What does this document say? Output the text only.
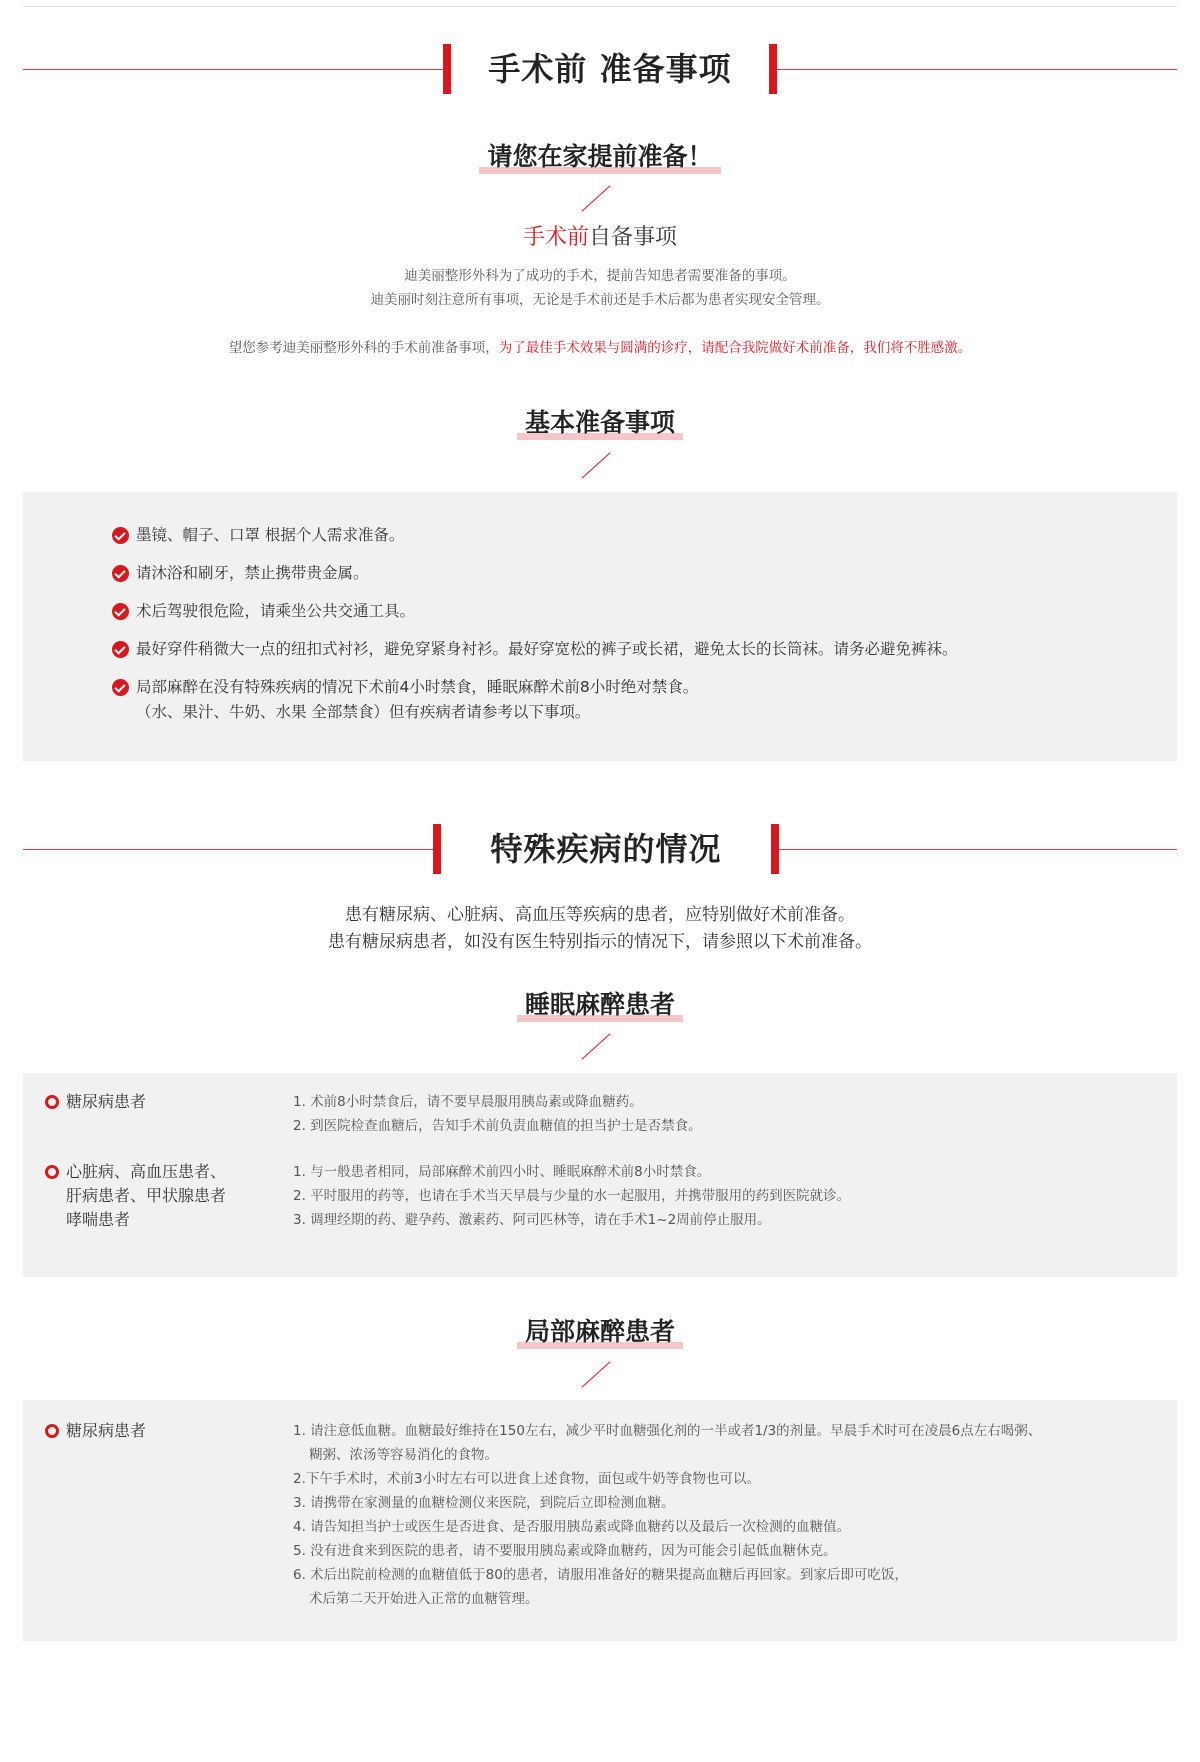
手术前 准备事项
请您在家提前准备！
手术前自备事项
迪美丽整形外科为了成功的手术，提前告知患者需要准备的事项。
迪美丽时刻注意所有事项，无论是手术前还是手术后都为患者实现安全管理。
望您参考迪美丽整形外科的手术前准备事项，为了最佳手术效果与圆满的诊疗，请配合我院做好术前准备，我们将不胜感激。
基本准备事项
墨镜、帽子、口罩 根据个人需求准备。
请沐浴和刷牙，禁止携带贵金属。
术后驾驶很危险，请乘坐公共交通工具。
最好穿件稍微大一点的纽扣式衬衫，避免穿紧身衬衫。最好穿宽松的裤子或长裙，避免太长的长筒袜。请务必避免裤袜。
局部麻醉在没有特殊疾病的情况下术前4小时禁食，睡眠麻醉术前8小时绝对禁食。
（水、果汁、牛奶、水果 全部禁食）但有疾病者请参考以下事项。
特殊疾病的情况
患有糖尿病、心脏病、高血压等疾病的患者，应特别做好术前准备。
患有糖尿病患者，如没有医生特别指示的情况下，请参照以下术前准备。
睡眠麻醉患者
糖尿病患者	1. 术前8小时禁食后，请不要早晨服用胰岛素或降血糖药。
2. 到医院检查血糖后，告知手术前负责血糖值的担当护士是否禁食。
心脏病、高血压患者、
肝病患者、甲状腺患者
哮喘患者
1. 与一般患者相同，局部麻醉术前四小时、睡眠麻醉术前8小时禁食。
2. 平时服用的药等，也请在手术当天早晨与少量的水一起服用，并携带服用的药到医院就诊。
3. 调理经期的药、避孕药、激素药、阿司匹林等，请在手术1~2周前停止服用。
局部麻醉患者
糖尿病患者	1. 请注意低血糖。血糖最好维持在150左右，减少平时血糖强化剂的一半或者1/3的剂量。早晨手术时可在凌晨6点左右喝粥、
糊粥、浓汤等容易消化的食物。
2.下午手术时，术前3小时左右可以进食上述食物，面包或牛奶等食物也可以。
3. 请携带在家测量的血糖检测仪来医院，到院后立即检测血糖。
4. 请告知担当护士或医生是否进食、是否服用胰岛素或降血糖药以及最后一次检测的血糖值。
5. 没有进食来到医院的患者，请不要服用胰岛素或降血糖药，因为可能会引起低血糖休克。
6. 术后出院前检测的血糖值低于80的患者，请服用准备好的糖果提高血糖后再回家。到家后即可吃饭，
术后第二天开始进入正常的血糖管理。
